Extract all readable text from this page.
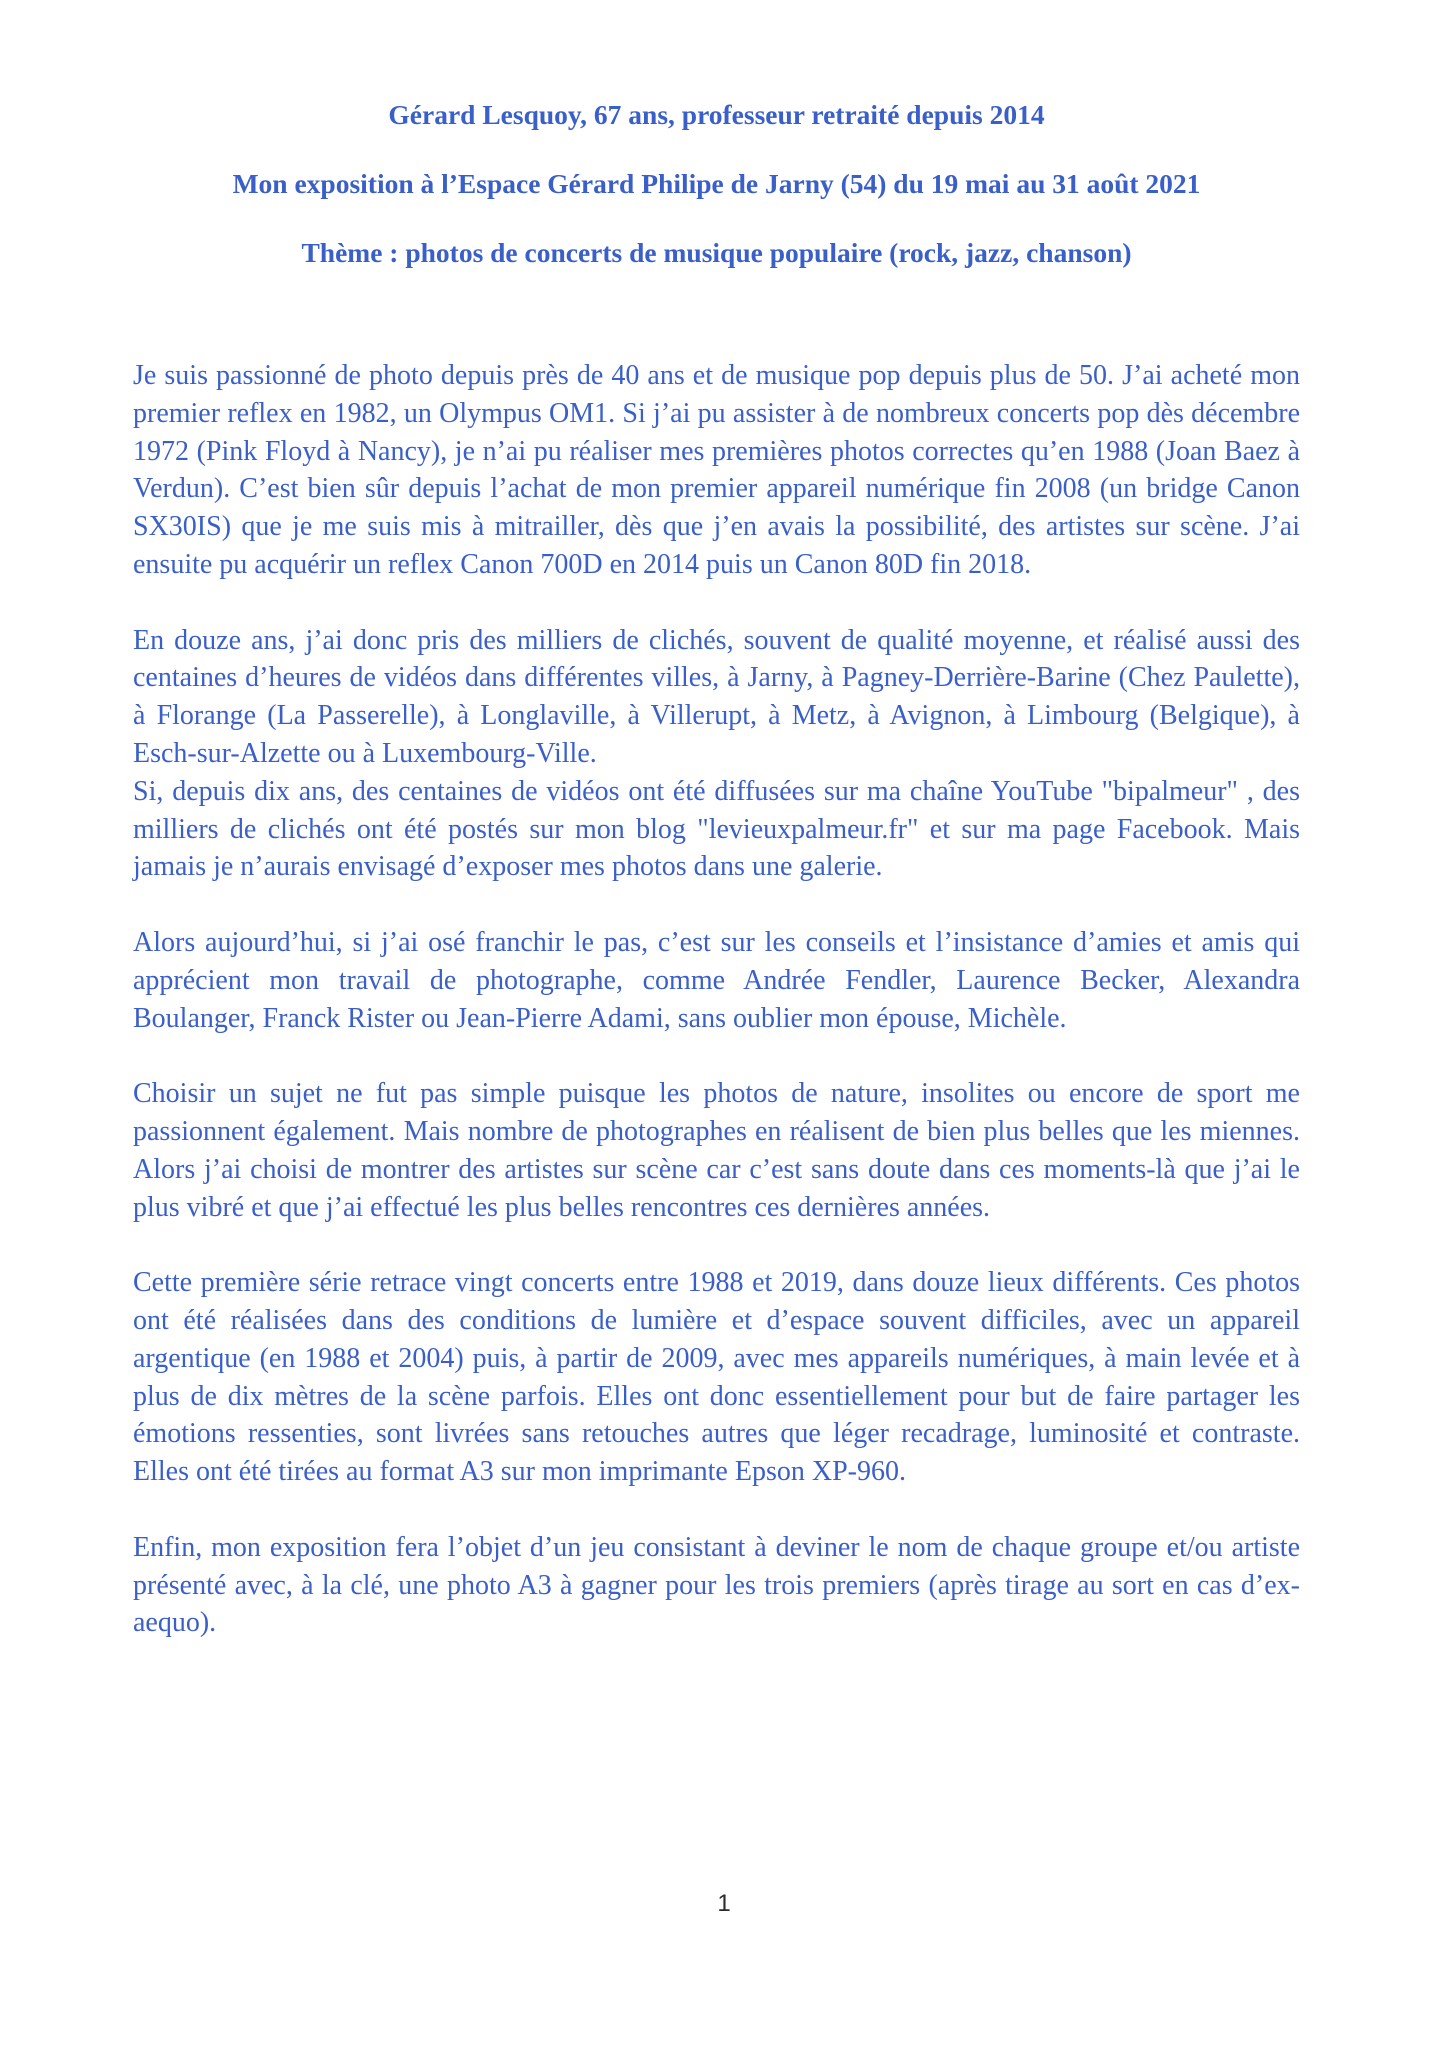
Gérard Lesquoy, 67 ans, professeur retraité depuis 2014
Mon exposition à l’Espace Gérard Philipe de Jarny (54) du 19 mai au 31 août 2021
Thème : photos de concerts de musique populaire (rock, jazz, chanson)

Je suis passionné de photo depuis près de 40 ans et de musique pop depuis plus de 50. J’ai acheté mon premier reflex en 1982, un Olympus OM1. Si j’ai pu assister à de nombreux concerts pop dès décembre 1972 (Pink Floyd à Nancy), je n’ai pu réaliser mes premières photos correctes qu’en 1988 (Joan Baez à Verdun). C’est bien sûr depuis l’achat de mon premier appareil numérique fin 2008 (un bridge Canon SX30IS) que je me suis mis à mitrailler, dès que j’en avais la possibilité, des artistes sur scène. J’ai ensuite pu acquérir un reflex Canon 700D en 2014 puis un Canon 80D fin 2018.

En douze ans, j’ai donc pris des milliers de clichés, souvent de qualité moyenne, et réalisé aussi des centaines d’heures de vidéos dans différentes villes, à Jarny, à Pagney-Derrière-Barine (Chez Paulette), à Florange (La Passerelle), à Longlaville, à Villerupt, à Metz, à Avignon, à Limbourg (Belgique), à Esch-sur-Alzette ou à Luxembourg-Ville.

Si, depuis dix ans, des centaines de vidéos ont été diffusées sur ma chaîne YouTube "bipalmeur" , des milliers de clichés ont été postés sur mon blog "levieuxpalmeur.fr" et sur ma page Facebook. Mais jamais je n’aurais envisagé d’exposer mes photos dans une galerie.

Alors aujourd’hui, si j’ai osé franchir le pas, c’est sur les conseils et l’insistance d’amies et amis qui apprécient mon travail de photographe, comme Andrée Fendler, Laurence Becker, Alexandra Boulanger, Franck Rister ou Jean-Pierre Adami, sans oublier mon épouse, Michèle.

Choisir un sujet ne fut pas simple puisque les photos de nature, insolites ou encore de sport me passionnent également. Mais nombre de photographes en réalisent de bien plus belles que les miennes. Alors j’ai choisi de montrer des artistes sur scène car c’est sans doute dans ces moments-là que j’ai le plus vibré et que j’ai effectué les plus belles rencontres ces dernières années.

Cette première série retrace vingt concerts entre 1988 et 2019, dans douze lieux différents. Ces photos ont été réalisées dans des conditions de lumière et d’espace souvent difficiles, avec un appareil argentique (en 1988 et 2004) puis, à partir de 2009, avec mes appareils numériques, à main levée et à plus de dix mètres de la scène parfois. Elles ont donc essentiellement pour but de faire partager les émotions ressenties, sont livrées sans retouches autres que léger recadrage, luminosité et contraste. Elles ont été tirées au format A3 sur mon imprimante Epson XP-960.

Enfin, mon exposition fera l’objet d’un jeu consistant à deviner le nom de chaque groupe et/ou artiste présenté avec, à la clé, une photo A3 à gagner pour les trois premiers (après tirage au sort en cas d’ex-aequo).

1
